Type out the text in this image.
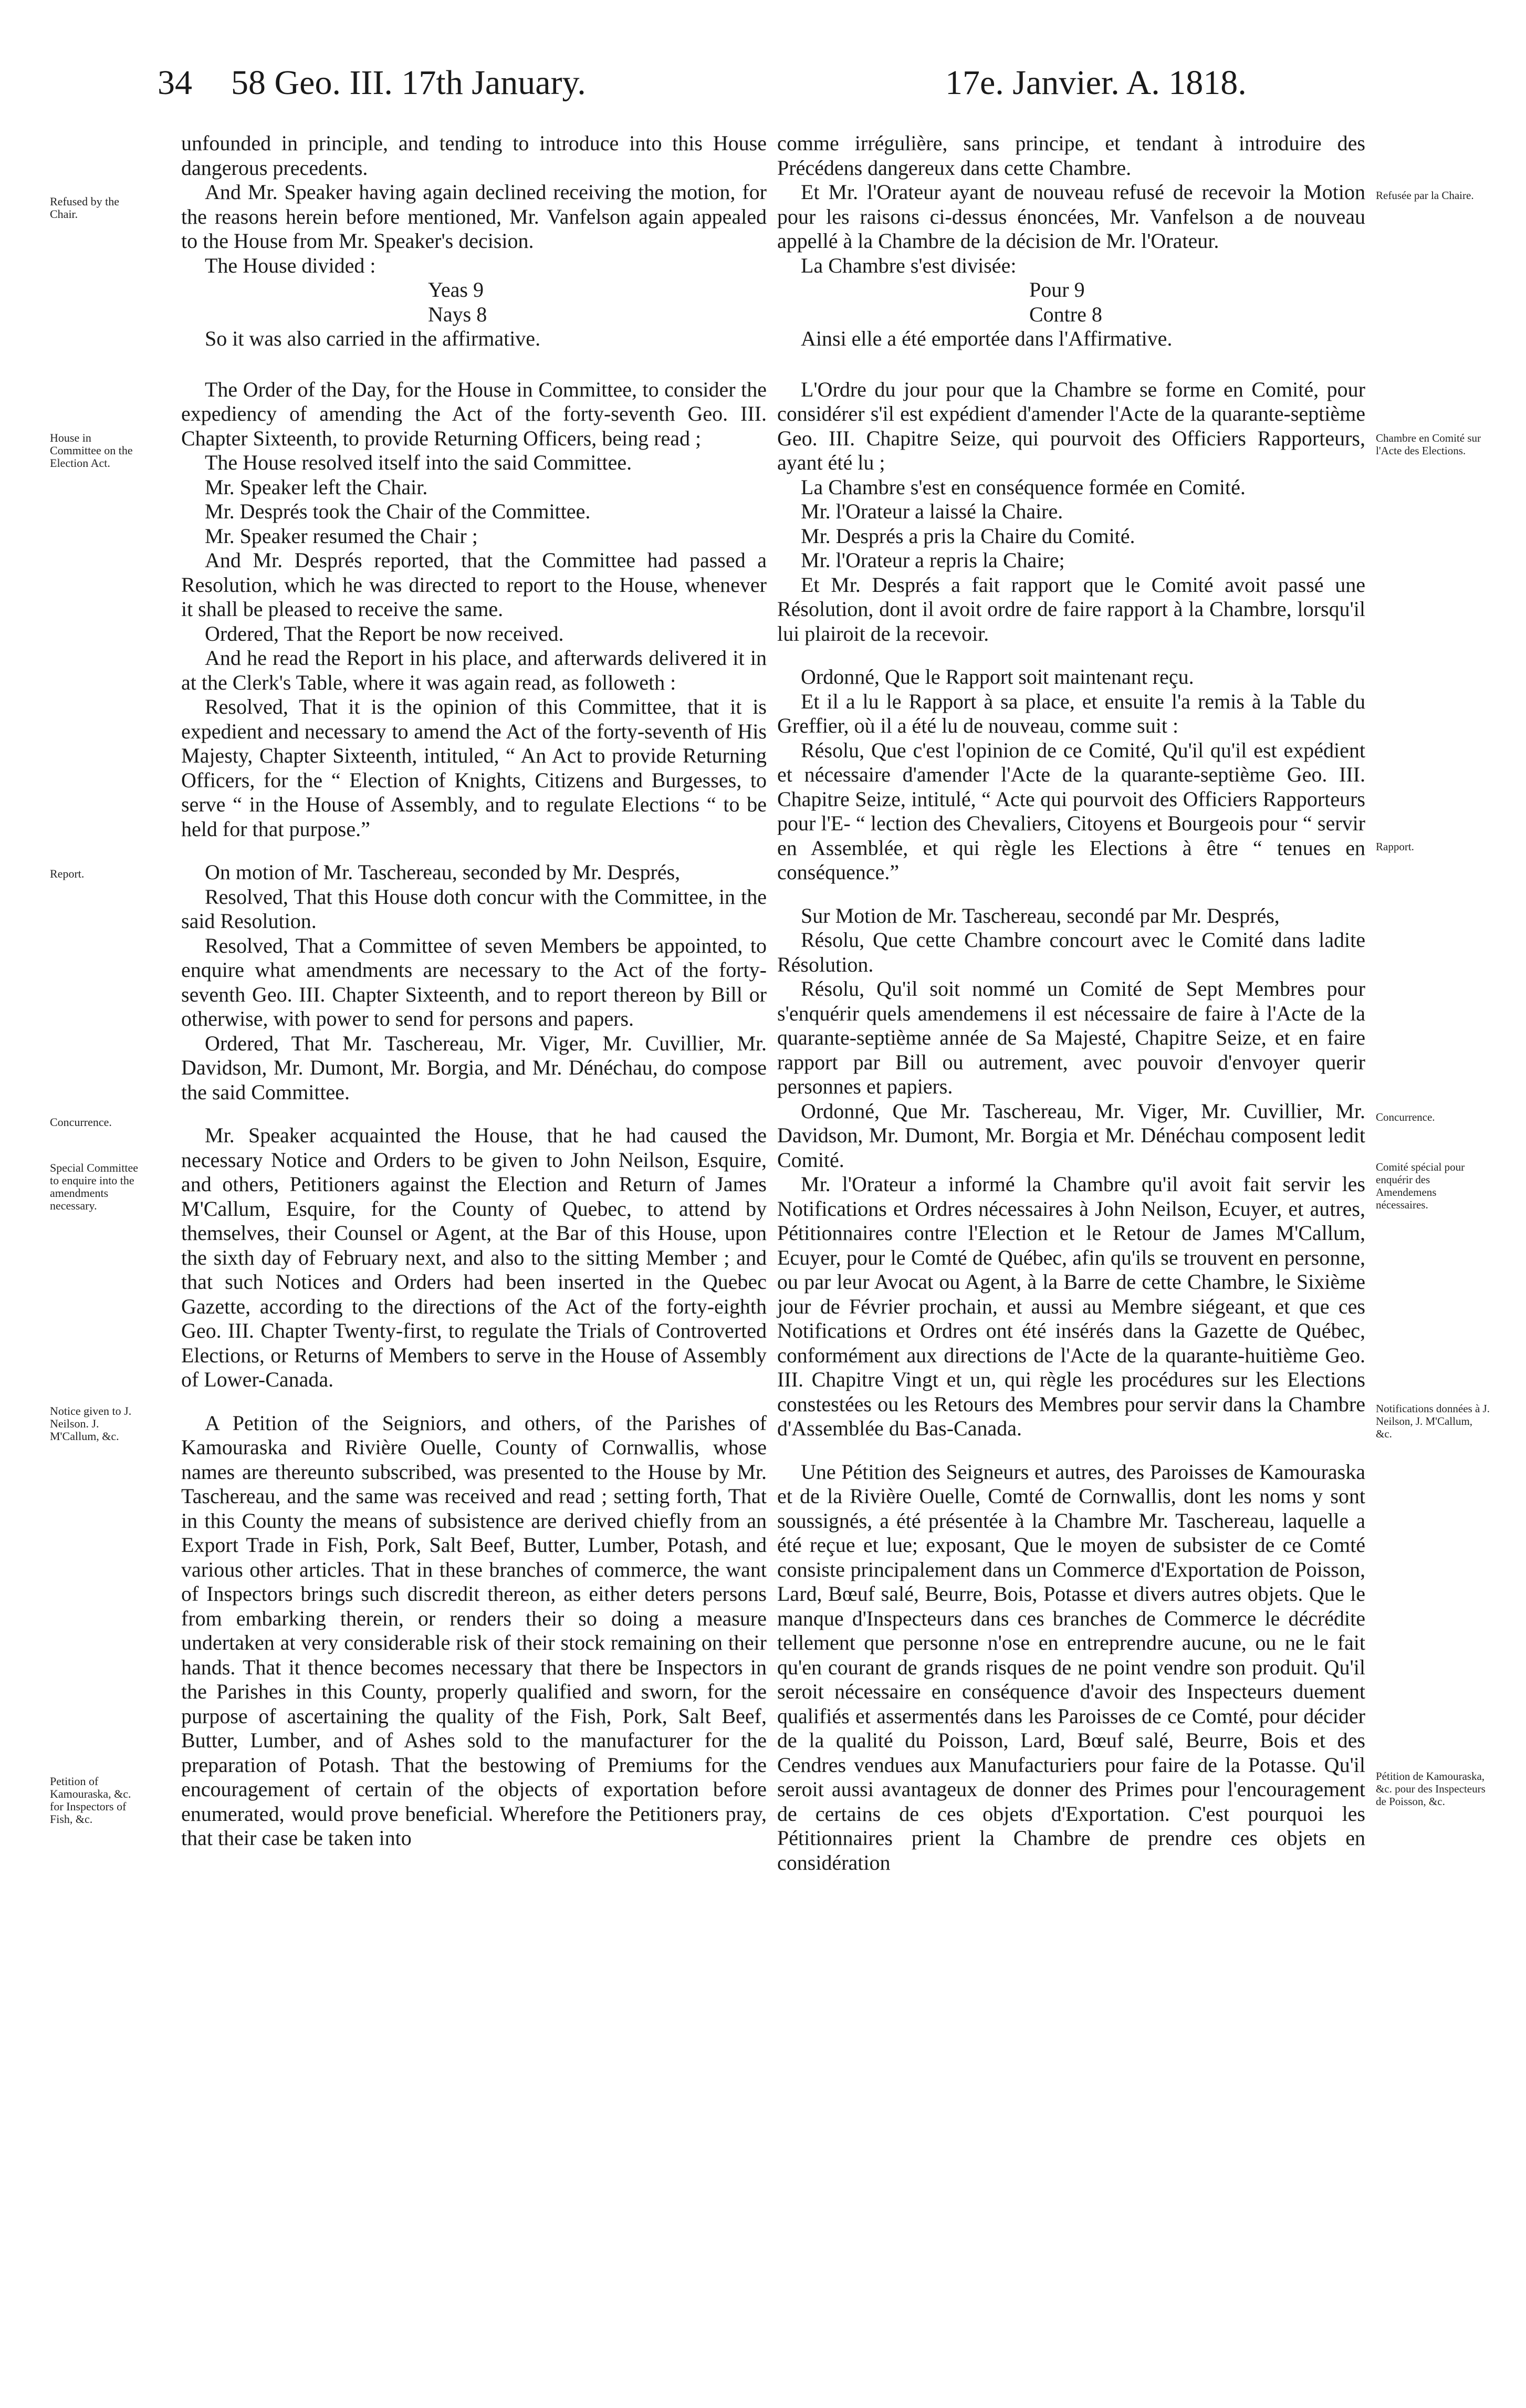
34 58 Geo. III. 17th January.	17e. Janvier. A. 1818.

unfounded in principle, and tending to introduce into this House dangerous precedents.

And Mr. Speaker having again declined receiving the motion, for the reasons herein before mentioned, Mr. Vanfelson again appealed to the House from Mr. Speaker's decision.

The House divided :

Yeas 9

Nays 8

So it was also carried in the affirmative.

The Order of the Day, for the House in Committee, to consider the expediency of amending the Act of the forty-seventh Geo. III. Chapter Sixteenth, to provide Returning Officers, being read ;

The House resolved itself into the said Committee.

Mr. Speaker left the Chair.

Mr. Després took the Chair of the Committee.

Mr. Speaker resumed the Chair ;

And Mr. Després reported, that the Committee had passed a Resolution, which he was directed to report to the House, whenever it shall be pleased to receive the same.

Ordered, That the Report be now received.

And he read the Report in his place, and afterwards delivered it in at the Clerk's Table, where it was again read, as followeth :

Resolved, That it is the opinion of this Committee, that it is expedient and necessary to amend the Act of the forty-seventh of His Majesty, Chapter Sixteenth, intituled, “ An Act to provide Returning Officers, for the “ Election of Knights, Citizens and Burgesses, to serve “ in the House of Assembly, and to regulate Elections “ to be held for that purpose.”

On motion of Mr. Taschereau, seconded by Mr. Després,

Resolved, That this House doth concur with the Committee, in the said Resolution.

Resolved, That a Committee of seven Members be appointed, to enquire what amendments are necessary to the Act of the forty-seventh Geo. III. Chapter Sixteenth, and to report thereon by Bill or otherwise, with power to send for persons and papers.

Ordered, That Mr. Taschereau, Mr. Viger, Mr. Cuvillier, Mr. Davidson, Mr. Dumont, Mr. Borgia, and Mr. Dénéchau, do compose the said Committee.

Mr. Speaker acquainted the House, that he had caused the necessary Notice and Orders to be given to John Neilson, Esquire, and others, Petitioners against the Election and Return of James M'Callum, Esquire, for the County of Quebec, to attend by themselves, their Counsel or Agent, at the Bar of this House, upon the sixth day of February next, and also to the sitting Member ; and that such Notices and Orders had been inserted in the Quebec Gazette, according to the directions of the Act of the forty-eighth Geo. III. Chapter Twenty-first, to regulate the Trials of Controverted Elections, or Returns of Members to serve in the House of Assembly of Lower-Canada.

A Petition of the Seigniors, and others, of the Parishes of Kamouraska and Rivière Ouelle, County of Cornwallis, whose names are thereunto subscribed, was presented to the House by Mr. Taschereau, and the same was received and read ; setting forth, That in this County the means of subsistence are derived chiefly from an Export Trade in Fish, Pork, Salt Beef, Butter, Lumber, Potash, and various other articles. That in these branches of commerce, the want of Inspectors brings such discredit thereon, as either deters persons from embarking therein, or renders their so doing a measure undertaken at very considerable risk of their stock remaining on their hands. That it thence becomes necessary that there be Inspectors in the Parishes in this County, properly qualified and sworn, for the purpose of ascertaining the quality of the Fish, Pork, Salt Beef, Butter, Lumber, and of Ashes sold to the manufacturer for the preparation of Potash. That the bestowing of Premiums for the encouragement of certain of the objects of exportation before enumerated, would prove beneficial. Wherefore the Petitioners pray, that their case be taken into

comme irrégulière, sans principe, et tendant à introduire des Précédens dangereux dans cette Chambre.

Et Mr. l'Orateur ayant de nouveau refusé de recevoir la Motion pour les raisons ci-dessus énoncées, Mr. Vanfelson a de nouveau appellé à la Chambre de la décision de Mr. l'Orateur.

La Chambre s'est divisée:

Pour 9

Contre 8

Ainsi elle a été emportée dans l'Affirmative.

L'Ordre du jour pour que la Chambre se forme en Comité, pour considérer s'il est expédient d'amender l'Acte de la quarante-septième Geo. III. Chapitre Seize, qui pourvoit des Officiers Rapporteurs, ayant été lu ;

La Chambre s'est en conséquence formée en Comité.

Mr. l'Orateur a laissé la Chaire.

Mr. Després a pris la Chaire du Comité.

Mr. l'Orateur a repris la Chaire;

Et Mr. Després a fait rapport que le Comité avoit passé une Résolution, dont il avoit ordre de faire rapport à la Chambre, lorsqu'il lui plairoit de la recevoir.

Ordonné, Que le Rapport soit maintenant reçu.

Et il a lu le Rapport à sa place, et ensuite l'a remis à la Table du Greffier, où il a été lu de nouveau, comme suit :

Résolu, Que c'est l'opinion de ce Comité, Qu'il qu'il est expédient et nécessaire d'amender l'Acte de la quarante-septième Geo. III. Chapitre Seize, intitulé, “ Acte qui pourvoit des Officiers Rapporteurs pour l'E- “ lection des Chevaliers, Citoyens et Bourgeois pour “ servir en Assemblée, et qui règle les Elections à être “ tenues en conséquence.”

Sur Motion de Mr. Taschereau, secondé par Mr. Després,

Résolu, Que cette Chambre concourt avec le Comité dans ladite Résolution.

Résolu, Qu'il soit nommé un Comité de Sept Membres pour s'enquérir quels amendemens il est nécessaire de faire à l'Acte de la quarante-septième année de Sa Majesté, Chapitre Seize, et en faire rapport par Bill ou autrement, avec pouvoir d'envoyer querir personnes et papiers.

Ordonné, Que Mr. Taschereau, Mr. Viger, Mr. Cuvillier, Mr. Davidson, Mr. Dumont, Mr. Borgia et Mr. Dénéchau composent ledit Comité.

Mr. l'Orateur a informé la Chambre qu'il avoit fait servir les Notifications et Ordres nécessaires à John Neilson, Ecuyer, et autres, Pétitionnaires contre l'Election et le Retour de James M'Callum, Ecuyer, pour le Comté de Québec, afin qu'ils se trouvent en personne, ou par leur Avocat ou Agent, à la Barre de cette Chambre, le Sixième jour de Février prochain, et aussi au Membre siégeant, et que ces Notifications et Ordres ont été insérés dans la Gazette de Québec, conformément aux directions de l'Acte de la quarante-huitième Geo. III. Chapitre Vingt et un, qui règle les procédures sur les Elections constestées ou les Retours des Membres pour servir dans la Chambre d'Assemblée du Bas-Canada.

Une Pétition des Seigneurs et autres, des Paroisses de Kamouraska et de la Rivière Ouelle, Comté de Cornwallis, dont les noms y sont soussignés, a été présentée à la Chambre Mr. Taschereau, laquelle a été reçue et lue; exposant, Que le moyen de subsister de ce Comté consiste principalement dans un Commerce d'Exportation de Poisson, Lard, Bœuf salé, Beurre, Bois, Potasse et divers autres objets. Que le manque d'Inspecteurs dans ces branches de Commerce le décrédite tellement que personne n'ose en entreprendre aucune, ou ne le fait qu'en courant de grands risques de ne point vendre son produit. Qu'il seroit nécessaire en conséquence d'avoir des Inspecteurs duement qualifiés et assermentés dans les Paroisses de ce Comté, pour décider de la qualité du Poisson, Lard, Bœuf salé, Beurre, Bois et des Cendres vendues aux Manufacturiers pour faire de la Potasse. Qu'il seroit aussi avantageux de donner des Primes pour l'encouragement de certains de ces objets d'Exportation. C'est pourquoi les Pétitionnaires prient la Chambre de prendre ces objets en considération

Refused by the Chair.
House in Committee on the Election Act.
Report.
Concurrence.
Special Committee to enquire into the amendments necessary.
Notice given to J. Neilson. J. M'Callum, &c.
Petition of Kamouraska, &c. for Inspectors of Fish, &c.
Refusée par la Chaire.
Chambre en Comité sur l'Acte des Elections.
Rapport.
Concurrence.
Comité spécial pour enquérir des Amendemens nécessaires.
Notifications données à J. Neilson, J. M'Callum, &c.
Pétition de Kamouraska, &c. pour des Inspecteurs de Poisson, &c.
